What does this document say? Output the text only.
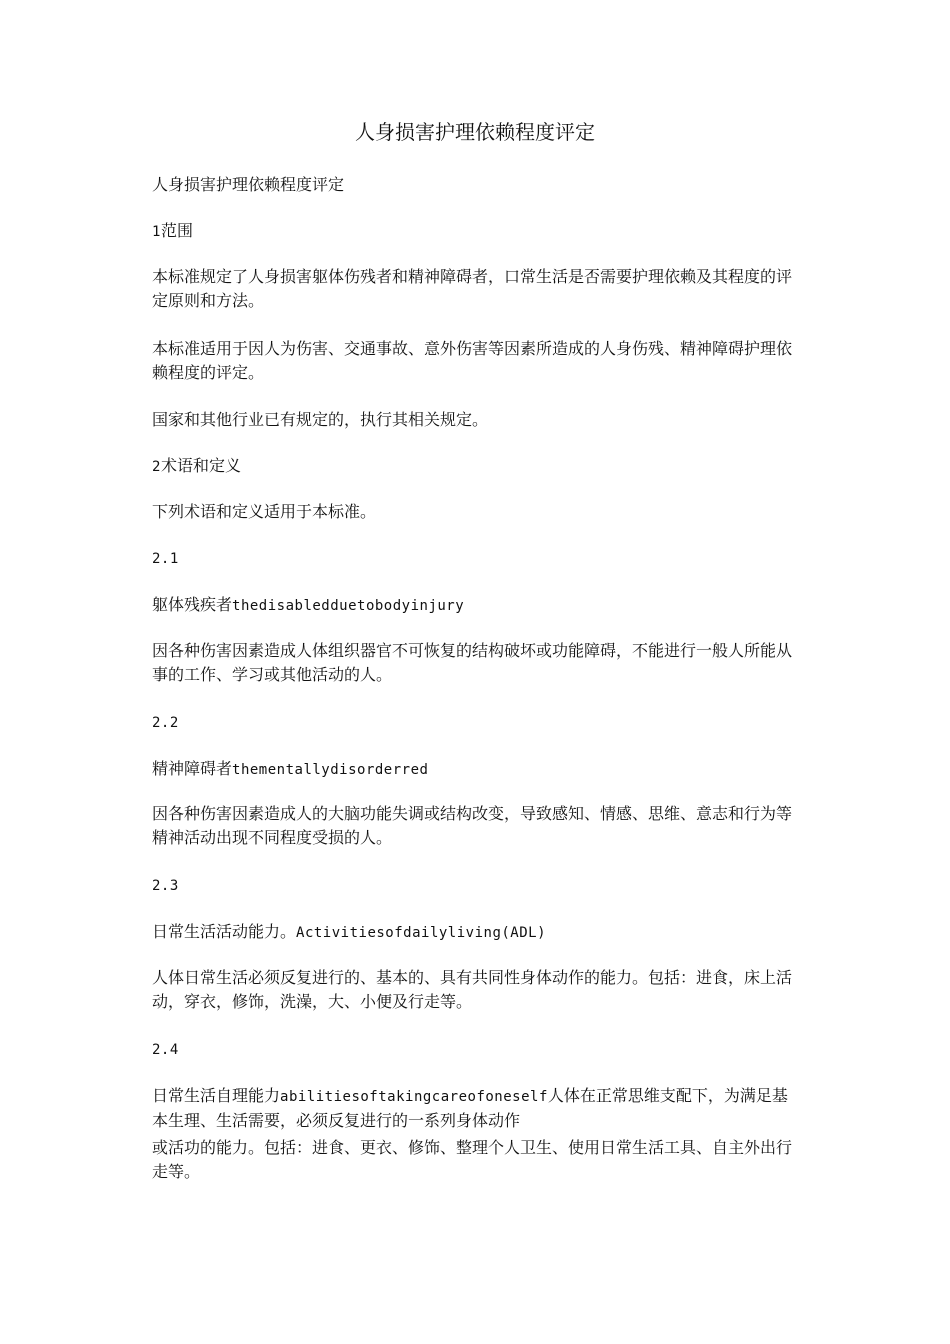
人身损害护理依赖程度评定
人身损害护理依赖程度评定
1范围
本标准规定了人身损害躯体伤残者和精神障碍者，口常生活是否需要护理依赖及其程度的评定原则和方法。
本标准适用于因人为伤害、交通事故、意外伤害等因素所造成的人身伤残、精神障碍护理依赖程度的评定。
国家和其他行业已有规定的，执行其相关规定。
2术语和定义
下列术语和定义适用于本标准。
2.1
躯体残疾者thedisabledduetobodyinjury
因各种伤害因素造成人体组织器官不可恢复的结构破坏或功能障碍，不能进行一般人所能从事的工作、学习或其他活动的人。
2.2
精神障碍者thementallydisorderred
因各种伤害因素造成人的大脑功能失调或结构改变，导致感知、情感、思维、意志和行为等精神活动出现不同程度受损的人。
2.3
日常生活活动能力。Activitiesofdailyliving(ADL)
人体日常生活必须反复进行的、基本的、具有共同性身体动作的能力。包括：进食，床上活动，穿衣，修饰，洗澡，大、小便及行走等。
2.4
日常生活自理能力abilitiesoftakingcareofoneself人体在正常思维支配下，为满足基本生理、生活需要，必须反复进行的一系列身体动作
或活功的能力。包括：进食、更衣、修饰、整理个人卫生、使用日常生活工具、自主外出行走等。
